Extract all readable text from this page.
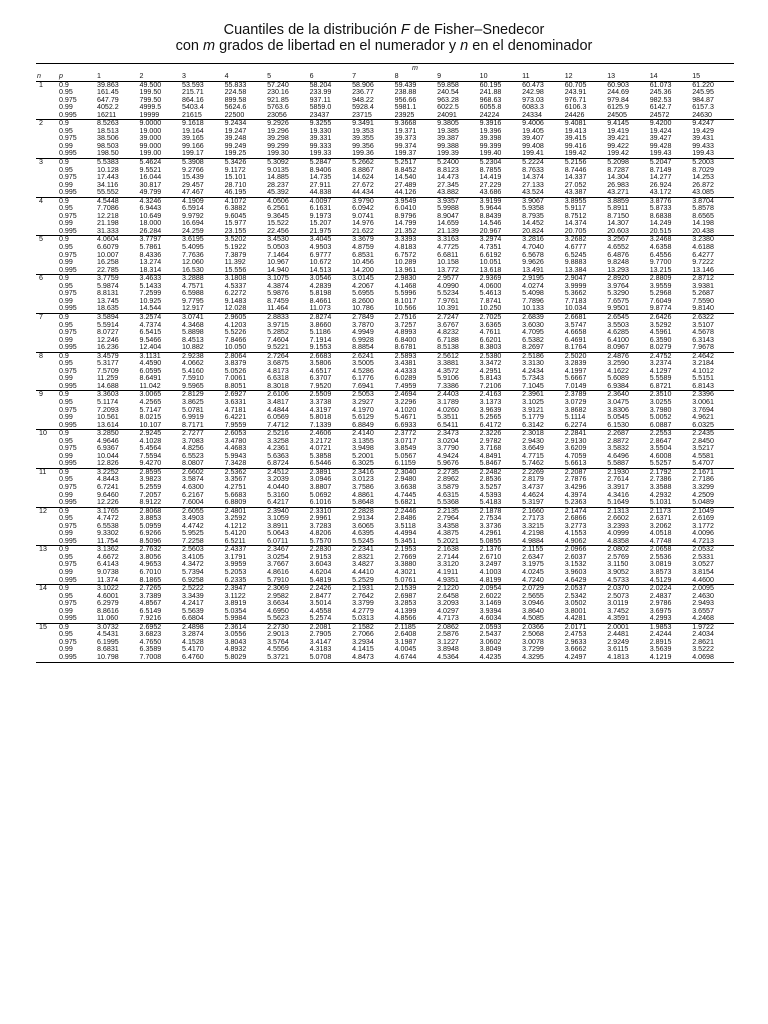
Cuantiles de la distribución F de Fisher–Snedecor
con m grados de libertad en el numerador y n en el denominador
		m														
n	p	1	2	3	4	5	6	7	8	9	10	11	12	13	14	15
1	0.9	39.863	49.500	53.593	55.833	57.240	58.204	58.906	59.439	59.858	60.195	60.473	60.705	60.903	61.073	61.220
	0.95	161.45	199.50	215.71	224.58	230.16	233.99	236.77	238.88	240.54	241.88	242.98	243.91	244.69	245.36	245.95
	0.975	647.79	799.50	864.16	899.58	921.85	937.11	948.22	956.66	963.28	968.63	973.03	976.71	979.84	982.53	984.87
	0.99	4052.2	4999.5	5403.4	5624.6	5763.6	5859.0	5928.4	5981.1	6022.5	6055.8	6083.3	6106.3	6125.9	6142.7	6157.3
	0.995	16211	19999	21615	22500	23056	23437	23715	23925	24091	24224	24334	24426	24505	24572	24630
2	0.9	8.5263	9.0000	9.1618	9.2434	9.2926	9.3255	9.3491	9.3668	9.3805	9.3916	9.4006	9.4081	9.4145	9.4200	9.4247
	0.95	18.513	19.000	19.164	19.247	19.296	19.330	19.353	19.371	19.385	19.396	19.405	19.413	19.419	19.424	19.429
	0.975	38.506	39.000	39.165	39.248	39.298	39.331	39.355	39.373	39.387	39.398	39.407	39.415	39.421	39.427	39.431
	0.99	98.503	99.000	99.166	99.249	99.299	99.333	99.356	99.374	99.388	99.399	99.408	99.416	99.422	99.428	99.433
	0.995	198.50	199.00	199.17	199.25	199.30	199.33	199.36	199.37	199.39	199.40	199.41	199.42	199.42	199.43	199.43
3	0.9	5.5383	5.4624	5.3908	5.3426	5.3092	5.2847	5.2662	5.2517	5.2400	5.2304	5.2224	5.2156	5.2098	5.2047	5.2003
	0.95	10.128	9.5521	9.2766	9.1172	9.0135	8.9406	8.8867	8.8452	8.8123	8.7855	8.7633	8.7446	8.7287	8.7149	8.7029
	0.975	17.443	16.044	15.439	15.101	14.885	14.735	14.624	14.540	14.473	14.419	14.374	14.337	14.304	14.277	14.253
	0.99	34.116	30.817	29.457	28.710	28.237	27.911	27.672	27.489	27.345	27.229	27.133	27.052	26.983	26.924	26.872
	0.995	55.552	49.799	47.467	46.195	45.392	44.838	44.434	44.126	43.882	43.686	43.524	43.387	43.271	43.172	43.085
4	0.9	4.5448	4.3246	4.1909	4.1072	4.0506	4.0097	3.9790	3.9549	3.9357	3.9199	3.9067	3.8955	3.8859	3.8776	3.8704
	0.95	7.7086	6.9443	6.5914	6.3882	6.2561	6.1631	6.0942	6.0410	5.9988	5.9644	5.9358	5.9117	5.8911	5.8733	5.8578
	0.975	12.218	10.649	9.9792	9.6045	9.3645	9.1973	9.0741	8.9796	8.9047	8.8439	8.7935	8.7512	8.7150	8.6838	8.6565
	0.99	21.198	18.000	16.694	15.977	15.522	15.207	14.976	14.799	14.659	14.546	14.452	14.374	14.307	14.249	14.198
	0.995	31.333	26.284	24.259	23.155	22.456	21.975	21.622	21.352	21.139	20.967	20.824	20.705	20.603	20.515	20.438
5	0.9	4.0604	3.7797	3.6195	3.5202	3.4530	3.4045	3.3679	3.3393	3.3163	3.2974	3.2816	3.2682	3.2567	3.2468	3.2380
	0.95	6.6079	5.7861	5.4095	5.1922	5.0503	4.9503	4.8759	4.8183	4.7725	4.7351	4.7040	4.6777	4.6552	4.6358	4.6188
	0.975	10.007	8.4336	7.7636	7.3879	7.1464	6.9777	6.8531	6.7572	6.6811	6.6192	6.5678	6.5245	6.4876	6.4556	6.4277
	0.99	16.258	13.274	12.060	11.392	10.967	10.672	10.456	10.289	10.158	10.051	9.9626	9.8883	9.8248	9.7700	9.7222
	0.995	22.785	18.314	16.530	15.556	14.940	14.513	14.200	13.961	13.772	13.618	13.491	13.384	13.293	13.215	13.146
6	0.9	3.7759	3.4633	3.2888	3.1808	3.1075	3.0546	3.0145	2.9830	2.9577	2.9369	2.9195	2.9047	2.8920	2.8809	2.8712
	0.95	5.9874	5.1433	4.7571	4.5337	4.3874	4.2839	4.2067	4.1468	4.0990	4.0600	4.0274	3.9999	3.9764	3.9559	3.9381
	0.975	8.8131	7.2599	6.5988	6.2272	5.9876	5.8198	5.6955	5.5996	5.5234	5.4613	5.4098	5.3662	5.3290	5.2968	5.2687
	0.99	13.745	10.925	9.7795	9.1483	8.7459	8.4661	8.2600	8.1017	7.9761	7.8741	7.7896	7.7183	7.6575	7.6049	7.5590
	0.995	18.635	14.544	12.917	12.028	11.464	11.073	10.786	10.566	10.391	10.250	10.133	10.034	9.9501	9.8774	9.8140
7	0.9	3.5894	3.2574	3.0741	2.9605	2.8833	2.8274	2.7849	2.7516	2.7247	2.7025	2.6839	2.6681	2.6545	2.6426	2.6322
	0.95	5.5914	4.7374	4.3468	4.1203	3.9715	3.8660	3.7870	3.7257	3.6767	3.6365	3.6030	3.5747	3.5503	3.5292	3.5107
	0.975	8.0727	6.5415	5.8898	5.5226	5.2852	5.1186	4.9949	4.8993	4.8232	4.7611	4.7095	4.6658	4.6285	4.5961	4.5678
	0.99	12.246	9.5466	8.4513	7.8466	7.4604	7.1914	6.9928	6.8400	6.7188	6.6201	6.5382	6.4691	6.4100	6.3590	6.3143
	0.995	16.236	12.404	10.882	10.050	9.5221	9.1553	8.8854	8.6781	8.5138	8.3803	8.2697	8.1764	8.0967	8.0279	7.9678
8	0.9	3.4579	3.1131	2.9238	2.8064	2.7264	2.6683	2.6241	2.5893	2.5612	2.5380	2.5186	2.5020	2.4876	2.4752	2.4642
	0.95	5.3177	4.4590	4.0662	3.8379	3.6875	3.5806	3.5005	3.4381	3.3881	3.3472	3.3130	3.2839	3.2590	3.2374	3.2184
	0.975	7.5709	6.0595	5.4160	5.0526	4.8173	4.6517	4.5286	4.4333	4.3572	4.2951	4.2434	4.1997	4.1622	4.1297	4.1012
	0.99	11.259	8.6491	7.5910	7.0061	6.6318	6.3707	6.1776	6.0289	5.9106	5.8143	5.7343	5.6667	5.6089	5.5589	5.5151
	0.995	14.688	11.042	9.5965	8.8051	8.3018	7.9520	7.6941	7.4959	7.3386	7.2106	7.1045	7.0149	6.9384	6.8721	6.8143
9	0.9	3.3603	3.0065	2.8129	2.6927	2.6106	2.5509	2.5053	2.4694	2.4403	2.4163	2.3961	2.3789	2.3640	2.3510	2.3396
	0.95	5.1174	4.2565	3.8625	3.6331	3.4817	3.3738	3.2927	3.2296	3.1789	3.1373	3.1025	3.0729	3.0475	3.0255	3.0061
	0.975	7.2093	5.7147	5.0781	4.7181	4.4844	4.3197	4.1970	4.1020	4.0260	3.9639	3.9121	3.8682	3.8306	3.7980	3.7694
	0.99	10.561	8.0215	6.9919	6.4221	6.0569	5.8018	5.6129	5.4671	5.3511	5.2565	5.1779	5.1114	5.0545	5.0052	4.9621
	0.995	13.614	10.107	8.7171	7.9559	7.4712	7.1339	6.8849	6.6933	6.5411	6.4172	6.3142	6.2274	6.1530	6.0887	6.0325
10	0.9	3.2850	2.9245	2.7277	2.6053	2.5216	2.4606	2.4140	2.3772	2.3473	2.3226	2.3018	2.2841	2.2687	2.2553	2.2435
	0.95	4.9646	4.1028	3.7083	3.4780	3.3258	3.2172	3.1355	3.0717	3.0204	2.9782	2.9430	2.9130	2.8872	2.8647	2.8450
	0.975	6.9367	5.4564	4.8256	4.4683	4.2361	4.0721	3.9498	3.8549	3.7790	3.7168	3.6649	3.6209	3.5832	3.5504	3.5217
	0.99	10.044	7.5594	6.5523	5.9943	5.6363	5.3858	5.2001	5.0567	4.9424	4.8491	4.7715	4.7059	4.6496	4.6008	4.5581
	0.995	12.826	9.4270	8.0807	7.3428	6.8724	6.5446	6.3025	6.1159	5.9676	5.8467	5.7462	5.6613	5.5887	5.5257	5.4707
11	0.9	3.2252	2.8595	2.6602	2.5362	2.4512	2.3891	2.3416	2.3040	2.2735	2.2482	2.2269	2.2087	2.1930	2.1792	2.1671
	0.95	4.8443	3.9823	3.5874	3.3567	3.2039	3.0946	3.0123	2.9480	2.8962	2.8536	2.8179	2.7876	2.7614	2.7386	2.7186
	0.975	6.7241	5.2559	4.6300	4.2751	4.0440	3.8807	3.7586	3.6638	3.5879	3.5257	3.4737	3.4296	3.3917	3.3588	3.3299
	0.99	9.6460	7.2057	6.2167	5.6683	5.3160	5.0692	4.8861	4.7445	4.6315	4.5393	4.4624	4.3974	4.3416	4.2932	4.2509
	0.995	12.226	8.9122	7.6004	6.8809	6.4217	6.1016	5.8648	5.6821	5.5368	5.4183	5.3197	5.2363	5.1649	5.1031	5.0489
12	0.9	3.1765	2.8068	2.6055	2.4801	2.3940	2.3310	2.2828	2.2446	2.2135	2.1878	2.1660	2.1474	2.1313	2.1173	2.1049
	0.95	4.7472	3.8853	3.4903	3.2592	3.1059	2.9961	2.9134	2.8486	2.7964	2.7534	2.7173	2.6866	2.6602	2.6371	2.6169
	0.975	6.5538	5.0959	4.4742	4.1212	3.8911	3.7283	3.6065	3.5118	3.4358	3.3736	3.3215	3.2773	3.2393	3.2062	3.1772
	0.99	9.3302	6.9266	5.9525	5.4120	5.0643	4.8206	4.6395	4.4994	4.3875	4.2961	4.2198	4.1553	4.0999	4.0518	4.0096
	0.995	11.754	8.5096	7.2258	6.5211	6.0711	5.7570	5.5245	5.3451	5.2021	5.0855	4.9884	4.9062	4.8358	4.7748	4.7213
13	0.9	3.1362	2.7632	2.5603	2.4337	2.3467	2.2830	2.2341	2.1953	2.1638	2.1376	2.1155	2.0966	2.0802	2.0658	2.0532
	0.95	4.6672	3.8056	3.4105	3.1791	3.0254	2.9153	2.8321	2.7669	2.7144	2.6710	2.6347	2.6037	2.5769	2.5536	2.5331
	0.975	6.4143	4.9653	4.3472	3.9959	3.7667	3.6043	3.4827	3.3880	3.3120	3.2497	3.1975	3.1532	3.1150	3.0819	3.0527
	0.99	9.0738	6.7010	5.7394	5.2053	4.8616	4.6204	4.4410	4.3021	4.1911	4.1003	4.0245	3.9603	3.9052	3.8573	3.8154
	0.995	11.374	8.1865	6.9258	6.2335	5.7910	5.4819	5.2529	5.0761	4.9351	4.8199	4.7240	4.6429	4.5733	4.5129	4.4600
14	0.9	3.1022	2.7265	2.5222	2.3947	2.3069	2.2426	2.1931	2.1539	2.1220	2.0954	2.0729	2.0537	2.0370	2.0224	2.0095
	0.95	4.6001	3.7389	3.3439	3.1122	2.9582	2.8477	2.7642	2.6987	2.6458	2.6022	2.5655	2.5342	2.5073	2.4837	2.4630
	0.975	6.2979	4.8567	4.2417	3.8919	3.6634	3.5014	3.3799	3.2853	3.2093	3.1469	3.0946	3.0502	3.0119	2.9786	2.9493
	0.99	8.8616	6.5149	5.5639	5.0354	4.6950	4.4558	4.2779	4.1399	4.0297	3.9394	3.8640	3.8001	3.7452	3.6975	3.6557
	0.995	11.060	7.9216	6.6804	5.9984	5.5623	5.2574	5.0313	4.8566	4.7173	4.6034	4.5085	4.4281	4.3591	4.2993	4.2468
15	0.9	3.0732	2.6952	2.4898	2.3614	2.2730	2.2081	2.1582	2.1185	2.0862	2.0593	2.0366	2.0171	2.0001	1.9853	1.9722
	0.95	4.5431	3.6823	3.2874	3.0556	2.9013	2.7905	2.7066	2.6408	2.5876	2.5437	2.5068	2.4753	2.4481	2.4244	2.4034
	0.975	6.1995	4.7650	4.1528	3.8043	3.5764	3.4147	3.2934	3.1987	3.1227	3.0602	3.0078	2.9633	2.9249	2.8915	2.8621
	0.99	8.6831	6.3589	5.4170	4.8932	4.5556	4.3183	4.1415	4.0045	3.8948	3.8049	3.7299	3.6662	3.6115	3.5639	3.5222
	0.995	10.798	7.7008	6.4760	5.8029	5.3721	5.0708	4.8473	4.6744	4.5364	4.4235	4.3295	4.2497	4.1813	4.1219	4.0698
